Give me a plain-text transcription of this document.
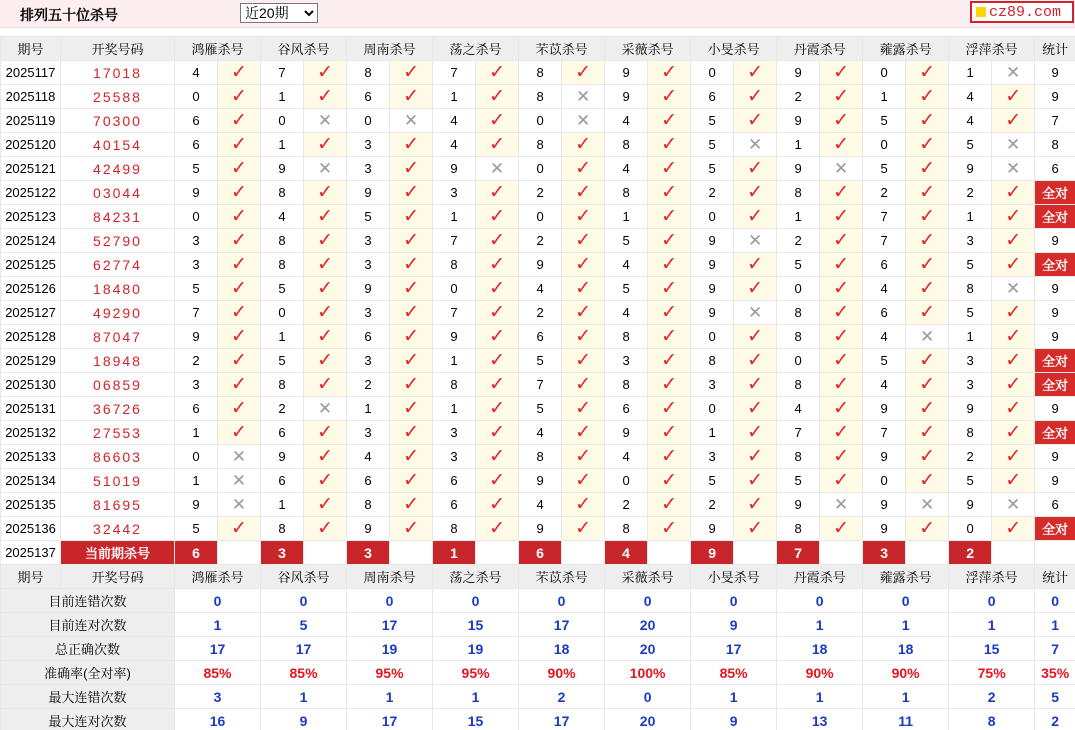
排列五十位杀号
近20期	cz89.com
期号	开奖号码	鸿雁杀号		谷风杀号		周南杀号		荡之杀号		芣苡杀号		采薇杀号		小旻杀号		丹霞杀号		蕹露杀号		浮萍杀号		统计
2025117	17018	4	✓	7	✓	8	✓	7	✓	8	✓	9	✓	0	✓	9	✓	0	✓	1	✕	9
2025118	25588	0	✓	1	✓	6	✓	1	✓	8	✕	9	✓	6	✓	2	✓	1	✓	4	✓	9
2025119	70300	6	✓	0	✕	0	✕	4	✓	0	✕	4	✓	5	✓	9	✓	5	✓	4	✓	7
2025120	40154	6	✓	1	✓	3	✓	4	✓	8	✓	8	✓	5	✕	1	✓	0	✓	5	✕	8
2025121	42499	5	✓	9	✕	3	✓	9	✕	0	✓	4	✓	5	✓	9	✕	5	✓	9	✕	6
2025122	03044	9	✓	8	✓	9	✓	3	✓	2	✓	8	✓	2	✓	8	✓	2	✓	2	✓	全对
2025123	84231	0	✓	4	✓	5	✓	1	✓	0	✓	1	✓	0	✓	1	✓	7	✓	1	✓	全对
2025124	52790	3	✓	8	✓	3	✓	7	✓	2	✓	5	✓	9	✕	2	✓	7	✓	3	✓	9
2025125	62774	3	✓	8	✓	3	✓	8	✓	9	✓	4	✓	9	✓	5	✓	6	✓	5	✓	全对
2025126	18480	5	✓	5	✓	9	✓	0	✓	4	✓	5	✓	9	✓	0	✓	4	✓	8	✕	9
2025127	49290	7	✓	0	✓	3	✓	7	✓	2	✓	4	✓	9	✕	8	✓	6	✓	5	✓	9
2025128	87047	9	✓	1	✓	6	✓	9	✓	6	✓	8	✓	0	✓	8	✓	4	✕	1	✓	9
2025129	18948	2	✓	5	✓	3	✓	1	✓	5	✓	3	✓	8	✓	0	✓	5	✓	3	✓	全对
2025130	06859	3	✓	8	✓	2	✓	8	✓	7	✓	8	✓	3	✓	8	✓	4	✓	3	✓	全对
2025131	36726	6	✓	2	✕	1	✓	1	✓	5	✓	6	✓	0	✓	4	✓	9	✓	9	✓	9
2025132	27553	1	✓	6	✓	3	✓	3	✓	4	✓	9	✓	1	✓	7	✓	7	✓	8	✓	全对
2025133	86603	0	✕	9	✓	4	✓	3	✓	8	✓	4	✓	3	✓	8	✓	9	✓	2	✓	9
2025134	51019	1	✕	6	✓	6	✓	6	✓	9	✓	0	✓	5	✓	5	✓	0	✓	5	✓	9
2025135	81695	9	✕	1	✓	8	✓	6	✓	4	✓	2	✓	2	✓	9	✕	9	✕	9	✕	6
2025136	32442	5	✓	8	✓	9	✓	8	✓	9	✓	8	✓	9	✓	8	✓	9	✓	0	✓	全对
2025137	当前期杀号	6		3		3		1		6		4		9		7		3		2		
期号	开奖号码	鸿雁杀号		谷风杀号		周南杀号		荡之杀号		芣苡杀号		采薇杀号		小旻杀号		丹霞杀号		蕹露杀号		浮萍杀号		统计
目前连错次数		0		0		0		0		0		0		0		0		0		0		0
目前连对次数		1		5		17		15		17		20		9		1		1		1		1
总正确次数		17		17		19		19		18		20		17		18		18		15		7
准确率(全对率)		85%		85%		95%		95%		90%		100%		85%		90%		90%		75%		35%
最大连错次数		3		1		1		1		2		0		1		1		1		2		5
最大连对次数		16		9		17		15		17		20		9		13		11		8		2
